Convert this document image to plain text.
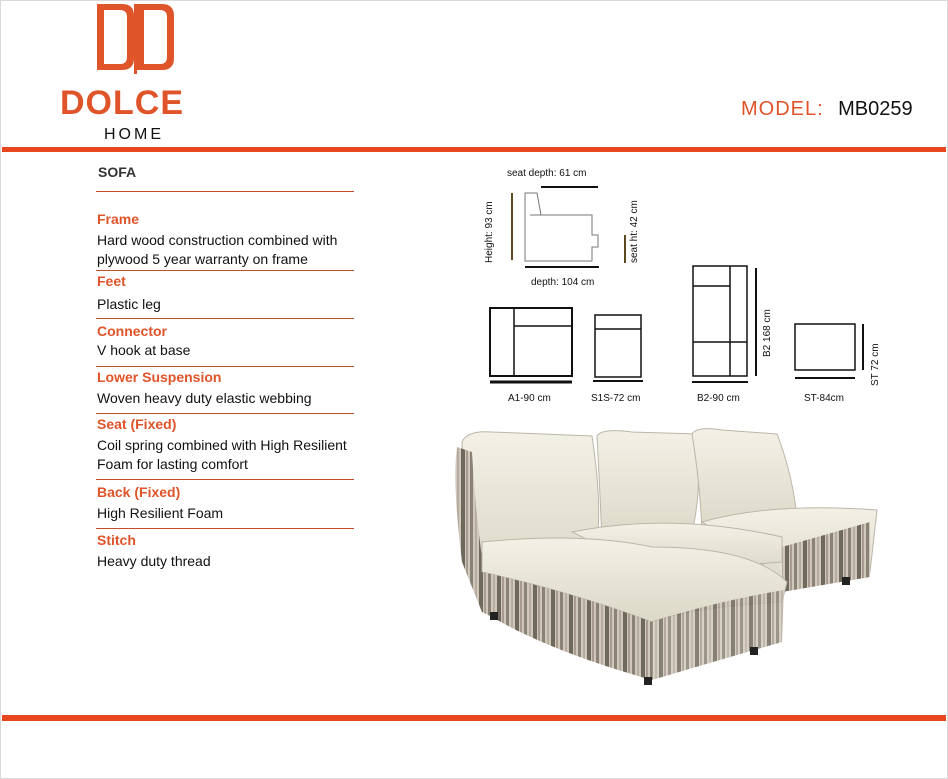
DOLCE
HOME
MODEL: MB0259
SOFA
Frame
Hard wood construction combined with plywood 5 year warranty on frame
Feet
Plastic leg
Connector
V hook at base
Lower Suspension
Woven heavy duty elastic webbing
Seat (Fixed)
Coil spring combined with High Resilient Foam for lasting comfort
Back (Fixed)
High Resilient Foam
Stitch
Heavy duty thread
seat depth: 61 cm
depth: 104 cm
Height: 93 cm	seat ht: 42 cm
A1-90 cm	S1S-72 cm	B2-90 cm
B2 168 cm
ST-84cm
ST 72 cm
